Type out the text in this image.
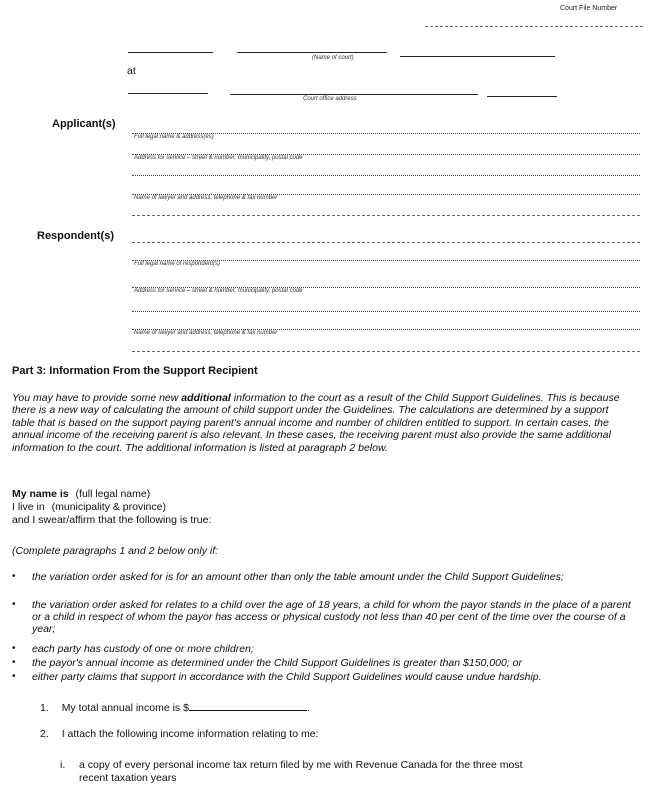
Court File Number
(Name of court)
at
Court office address
Applicant(s)
Full legal name & address(es)
Address for service – street & number, municipality, postal code
Name of lawyer and address, telephone & fax number
Respondent(s)
Full legal name of respondent(s)
Address for service – street & number, municipality, postal code
Name of lawyer and address, telephone & fax number
Part 3: Information From the Support Recipient
You may have to provide some new additional information to the court as a result of the Child Support Guidelines. This is because there is a new way of calculating the amount of child support under the Guidelines. The calculations are determined by a support table that is based on the support paying parent's annual income and number of children entitled to support. In certain cases, the annual income of the receiving parent is also relevant. In these cases, the receiving parent must also provide the same additional information to the court. The additional information is listed at paragraph 2 below.
My name is (full legal name)
I live in (municipality & province)
and I swear/affirm that the following is true:
(Complete paragraphs 1 and 2 below only if:
• the variation order asked for is for an amount other than only the table amount under the Child Support Guidelines;
• the variation order asked for relates to a child over the age of 18 years, a child for whom the payor stands in the place of a parent or a child in respect of whom the payor has access or physical custody not less than 40 per cent of the time over the course of a year;
• each party has custody of one or more children;
• the payor's annual income as determined under the Child Support Guidelines is greater than $150,000; or
• either party claims that support in accordance with the Child Support Guidelines would cause undue hardship.
1. My total annual income is $	.
2. I attach the following income information relating to me:
i. a copy of every personal income tax return filed by me with Revenue Canada for the three most
recent taxation years
